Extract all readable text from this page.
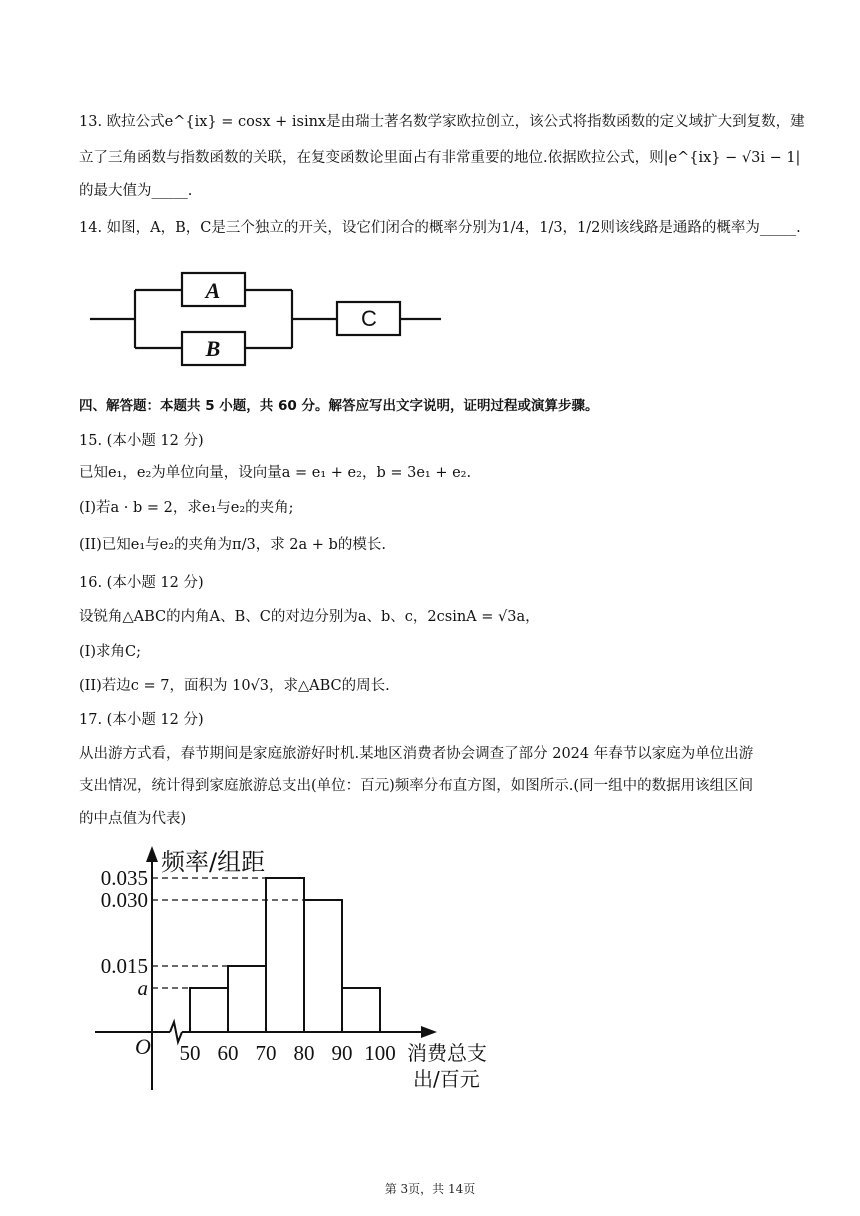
13. 欧拉公式e^{ix} = cosx + isinx是由瑞士著名数学家欧拉创立，该公式将指数函数的定义域扩大到复数，建
立了三角函数与指数函数的关联，在复变函数论里面占有非常重要的地位.依据欧拉公式，则|e^{ix} − √3i − 1|
的最大值为_____.
14. 如图，A，B，C是三个独立的开关，设它们闭合的概率分别为1/4，1/3，1/2则该线路是通路的概率为_____.
A
B
C
四、解答题：本题共 5 小题，共 60 分。解答应写出文字说明，证明过程或演算步骤。
15. (本小题 12 分)
已知e₁，e₂为单位向量，设向量a = e₁ + e₂，b = 3e₁ + e₂.
(I)若a · b = 2，求e₁与e₂的夹角;
(II)已知e₁与e₂的夹角为π/3，求 2a + b的模长.
16. (本小题 12 分)
设锐角△ABC的内角A、B、C的对边分别为a、b、c，2csinA = √3a，
(I)求角C;
(II)若边c = 7，面积为 10√3，求△ABC的周长.
17. (本小题 12 分)
从出游方式看，春节期间是家庭旅游好时机.某地区消费者协会调查了部分 2024 年春节以家庭为单位出游
支出情况，统计得到家庭旅游总支出(单位：百元)频率分布直方图，如图所示.(同一组中的数据用该组区间
的中点值为代表)
0.035
0.030
0.015
a
50 60 70 80 90 100
O
频率/组距
消费总支
出/百元
第 3页，共 14页
